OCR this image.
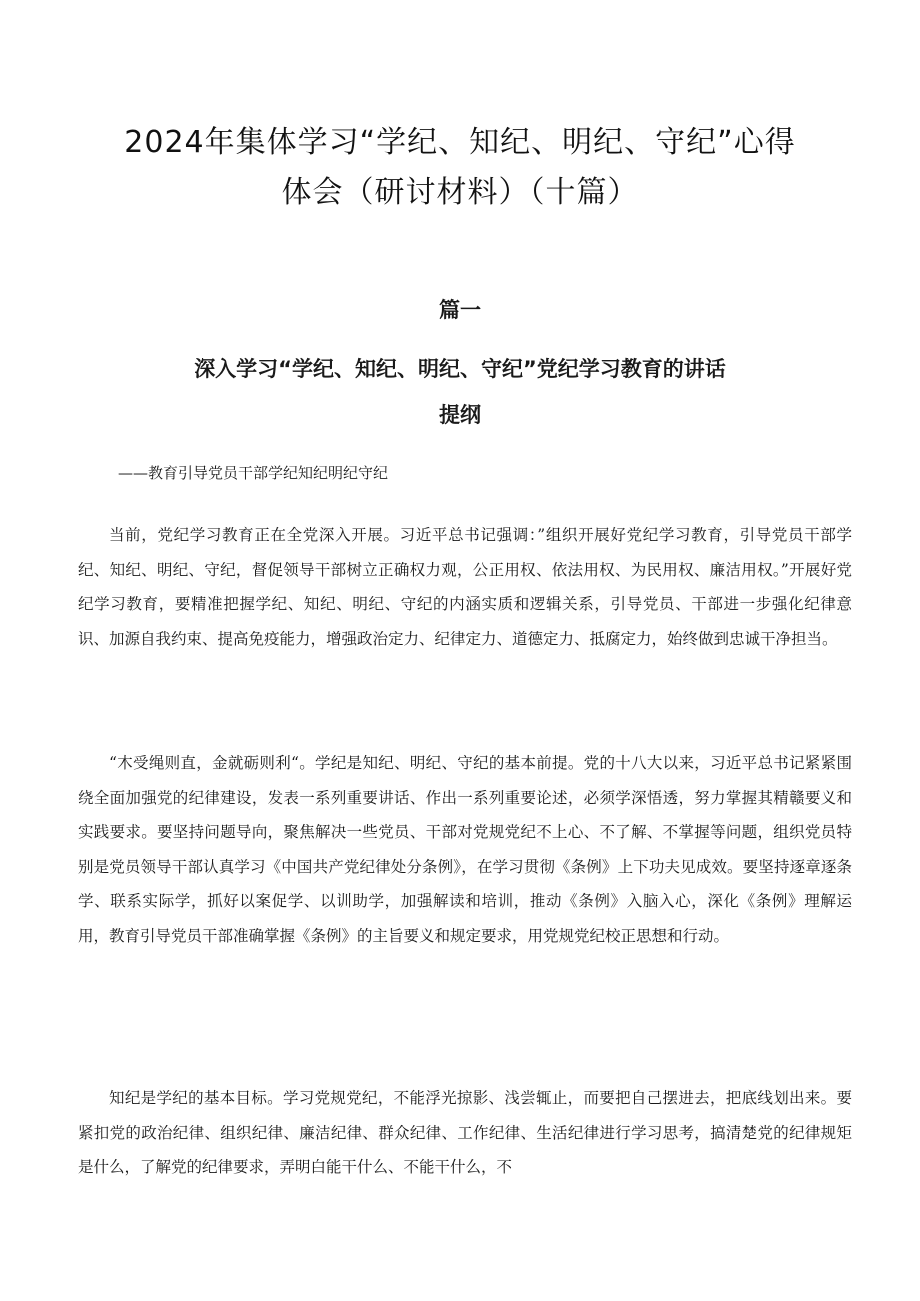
2024年集体学习“学纪、知纪、明纪、守纪”心得
体会（研讨材料）（十篇）
篇一
深入学习“学纪、知纪、明纪、守纪”党纪学习教育的讲话
提纲

——教育引导党员干部学纪知纪明纪守纪

当前，党纪学习教育正在全党深入开展。习近平总书记强调：”组织开展好党纪学习教育，引导党员干部学纪、知纪、明纪、守纪，督促领导干部树立正确权力观，公正用权、依法用权、为民用权、廉洁用权。”开展好党纪学习教育，要精准把握学纪、知纪、明纪、守纪的内涵实质和逻辑关系，引导党员、干部进一步强化纪律意识、加源自我约束、提高免疫能力，增强政治定力、纪律定力、道德定力、抵腐定力，始终做到忠诚干净担当。

“木受绳则直，金就砺则利“。学纪是知纪、明纪、守纪的基本前提。党的十八大以来，习近平总书记紧紧围绕全面加强党的纪律建设，发表一系列重要讲话、作出一系列重要论述，必须学深悟透，努力掌握其精赣要义和实践要求。要坚持问题导向，聚焦解决一些党员、干部对党规党纪不上心、不了解、不掌握等问题，组织党员特别是党员领导干部认真学习《中国共产党纪律处分条例》，在学习贯彻《条例》上下功夫见成效。要坚持逐章逐条学、联系实际学，抓好以案促学、以训助学，加强解读和培训，推动《条例》入脑入心，深化《条例》理解运用，教育引导党员干部准确掌握《条例》的主旨要义和规定要求，用党规党纪校正思想和行动。

知纪是学纪的基本目标。学习党规党纪，不能浮光掠影、浅尝辄止，而要把自己摆进去，把底线划出来。要紧扣党的政治纪律、组织纪律、廉洁纪律、群众纪律、工作纪律、生活纪律进行学习思考，搞清楚党的纪律规矩是什么，了解党的纪律要求，弄明白能干什么、不能干什么，不
